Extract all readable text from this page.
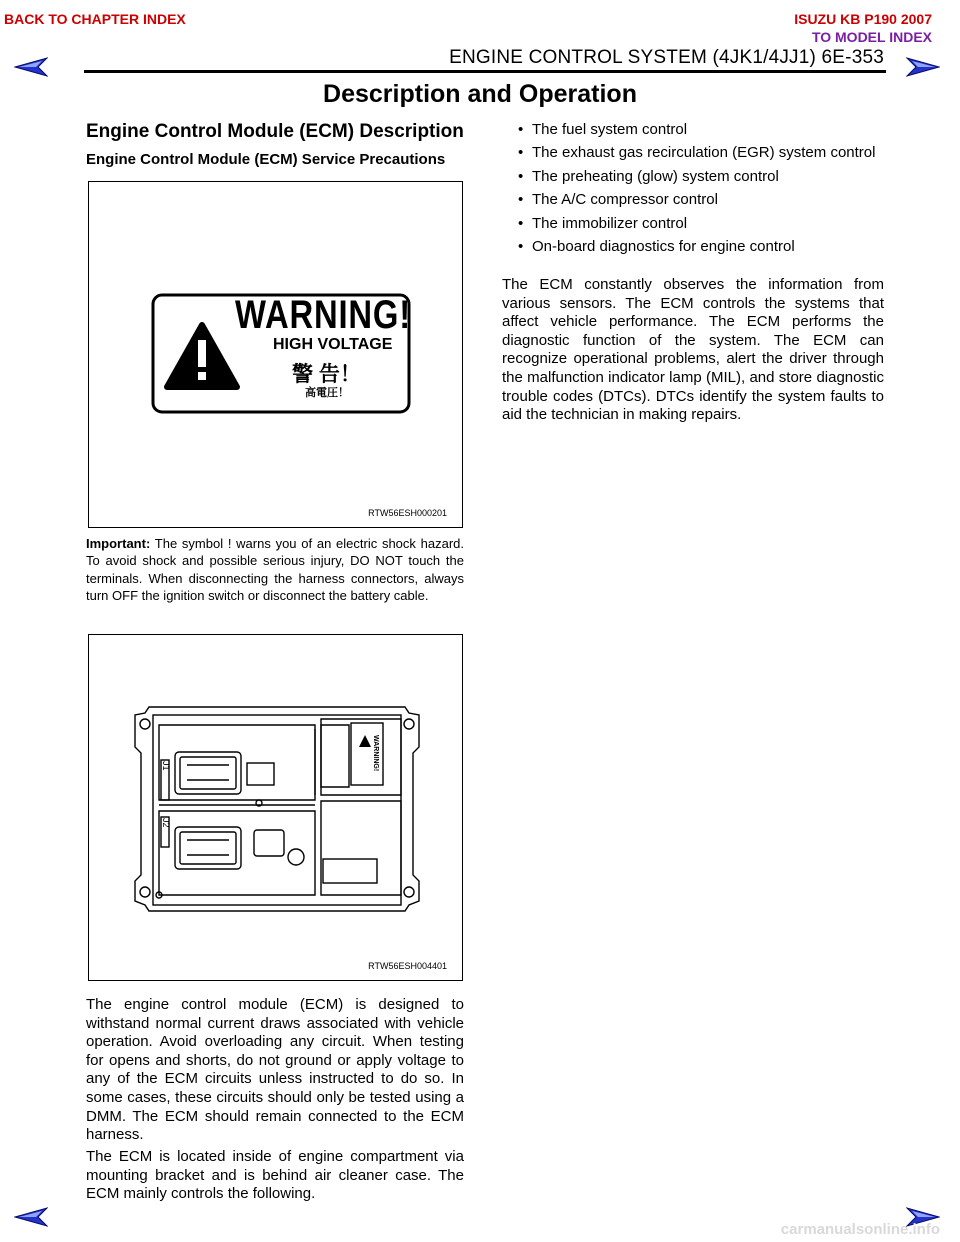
BACK TO CHAPTER INDEX	ISUZU KB P190 2007
TO MODEL INDEX
ENGINE CONTROL SYSTEM (4JK1/4JJ1) 6E-353
Description and Operation
Engine Control Module (ECM) Description
Engine Control Module (ECM) Service Precautions
WARNING!
HIGH VOLTAGE
警 告！
高電圧！
RTW56ESH000201
Important: The symbol ! warns you of an electric shock hazard. To avoid shock and possible serious injury, DO NOT touch the terminals. When disconnecting the harness connectors, always turn OFF the ignition switch or disconnect the battery cable.
J1
J2
WARNING!
RTW56ESH004401
The engine control module (ECM) is designed to withstand normal current draws associated with vehicle operation. Avoid overloading any circuit. When testing for opens and shorts, do not ground or apply voltage to any of the ECM circuits unless instructed to do so. In some cases, these circuits should only be tested using a DMM. The ECM should remain connected to the ECM harness.
The ECM is located inside of engine compartment via mounting bracket and is behind air cleaner case. The ECM mainly controls the following.
• The fuel system control
• The exhaust gas recirculation (EGR) system control
• The preheating (glow) system control
• The A/C compressor control
• The immobilizer control
• On-board diagnostics for engine control
The ECM constantly observes the information from various sensors. The ECM controls the systems that affect vehicle performance. The ECM performs the diagnostic function of the system. The ECM can recognize operational problems, alert the driver through the malfunction indicator lamp (MIL), and store diagnostic trouble codes (DTCs). DTCs identify the system faults to aid the technician in making repairs.
carmanualsonline.info
